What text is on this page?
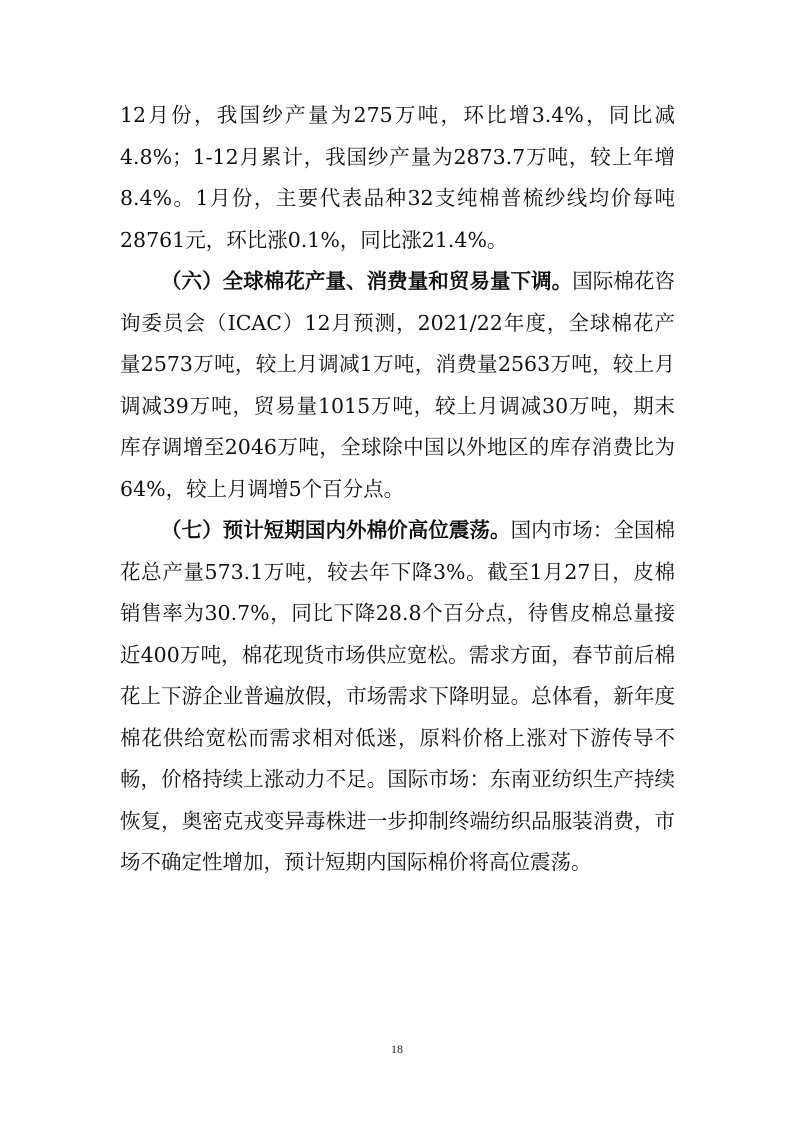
12月份，我国纱产量为275万吨，环比增3.4%，同比减4.8%；1-12月累计，我国纱产量为2873.7万吨，较上年增8.4%。1月份，主要代表品种32支纯棉普梳纱线均价每吨28761元，环比涨0.1%，同比涨21.4%。

（六）全球棉花产量、消费量和贸易量下调。国际棉花咨询委员会（ICAC）12月预测，2021/22年度，全球棉花产量2573万吨，较上月调减1万吨，消费量2563万吨，较上月调减39万吨，贸易量1015万吨，较上月调减30万吨，期末库存调增至2046万吨，全球除中国以外地区的库存消费比为64%，较上月调增5个百分点。

（七）预计短期国内外棉价高位震荡。国内市场：全国棉花总产量573.1万吨，较去年下降3%。截至1月27日，皮棉销售率为30.7%，同比下降28.8个百分点，待售皮棉总量接近400万吨，棉花现货市场供应宽松。需求方面，春节前后棉花上下游企业普遍放假，市场需求下降明显。总体看，新年度棉花供给宽松而需求相对低迷，原料价格上涨对下游传导不畅，价格持续上涨动力不足。国际市场：东南亚纺织生产持续恢复，奥密克戎变异毒株进一步抑制终端纺织品服装消费，市场不确定性增加，预计短期内国际棉价将高位震荡。

18
